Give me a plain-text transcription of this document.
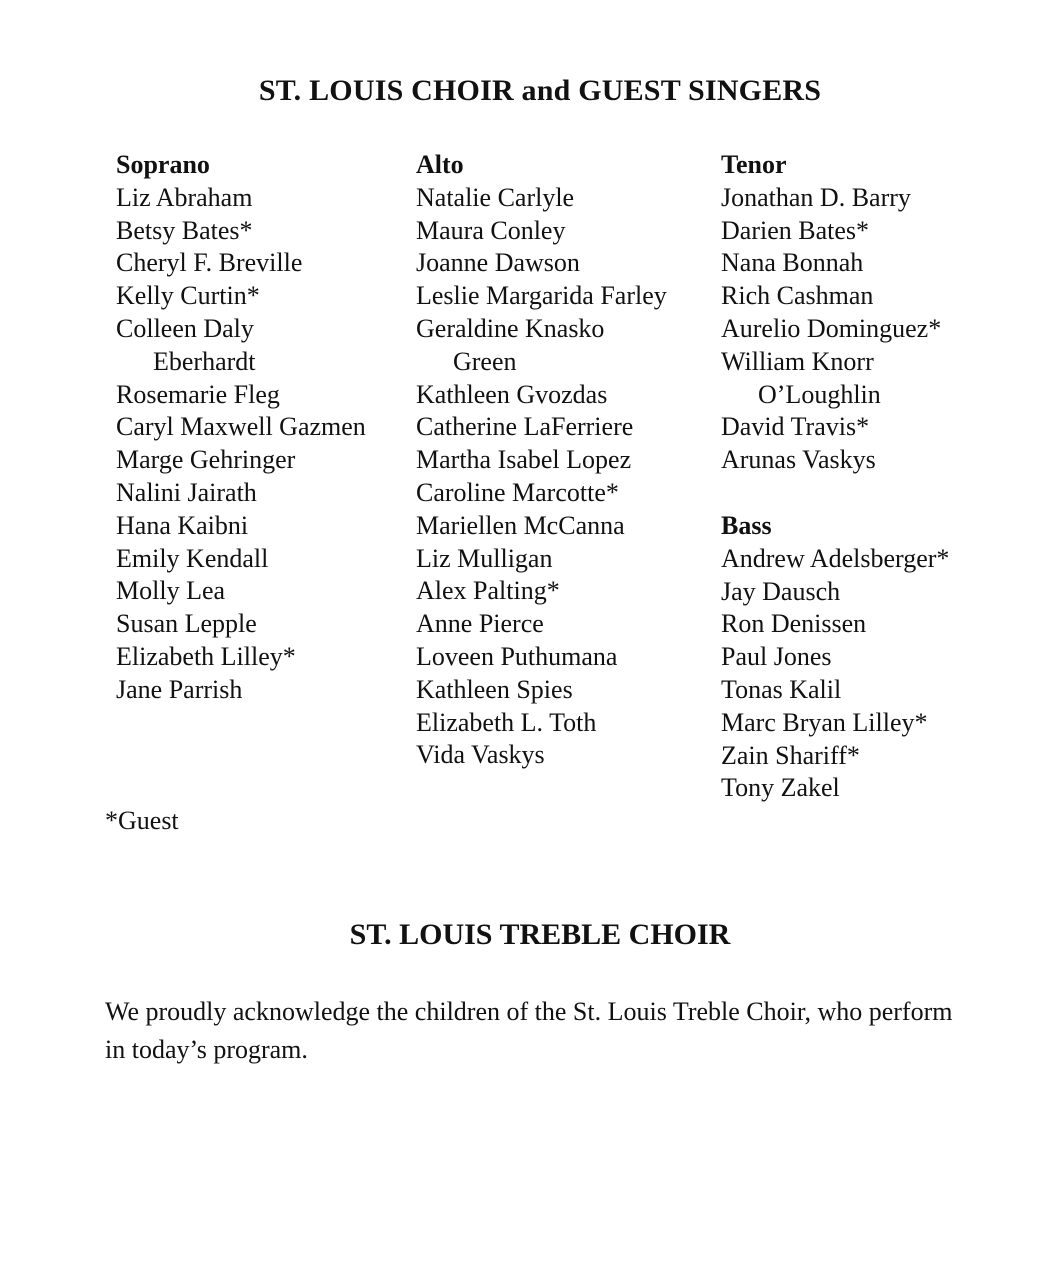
ST. LOUIS CHOIR and GUEST SINGERS
Soprano
Liz Abraham
Betsy Bates*
Cheryl F. Breville
Kelly Curtin*
Colleen Daly
Eberhardt
Rosemarie Fleg
Caryl Maxwell Gazmen
Marge Gehringer
Nalini Jairath
Hana Kaibni
Emily Kendall
Molly Lea
Susan Lepple
Elizabeth Lilley*
Jane Parrish
Alto
Natalie Carlyle
Maura Conley
Joanne Dawson
Leslie Margarida Farley
Geraldine Knasko
Green
Kathleen Gvozdas
Catherine LaFerriere
Martha Isabel Lopez
Caroline Marcotte*
Mariellen McCanna
Liz Mulligan
Alex Palting*
Anne Pierce
Loveen Puthumana
Kathleen Spies
Elizabeth L. Toth
Vida Vaskys
Tenor
Jonathan D. Barry
Darien Bates*
Nana Bonnah
Rich Cashman
Aurelio Dominguez*
William Knorr
O’Loughlin
David Travis*
Arunas Vaskys
Bass
Andrew Adelsberger*
Jay Dausch
Ron Denissen
Paul Jones
Tonas Kalil
Marc Bryan Lilley*
Zain Shariff*
Tony Zakel
*Guest
ST. LOUIS TREBLE CHOIR

We proudly acknowledge the children of the St. Louis Treble Choir, who perform in today’s program.
